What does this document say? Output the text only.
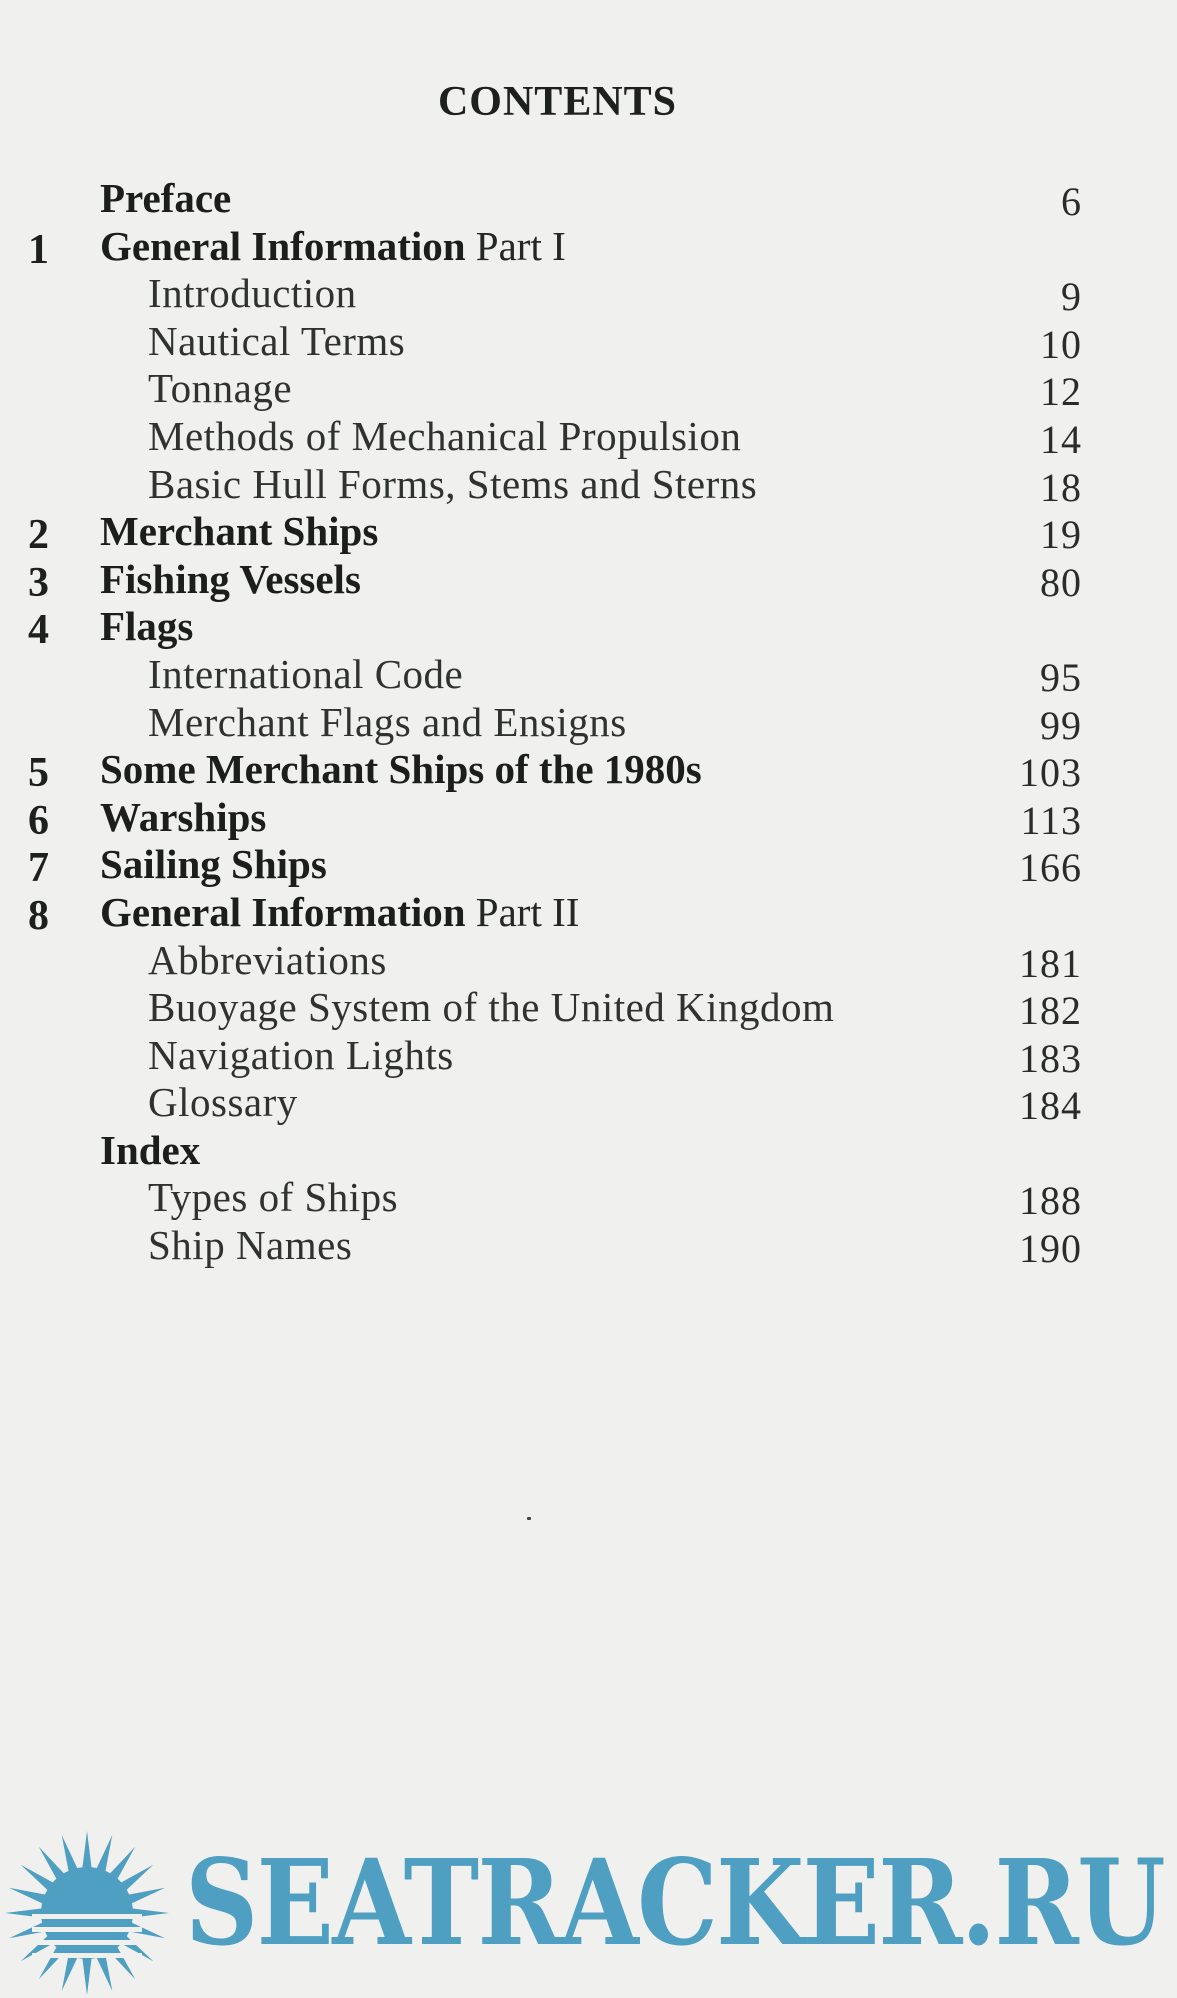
CONTENTS
Preface	6
1 General Information Part I
Introduction	9
Nautical Terms	10
Tonnage	12
Methods of Mechanical Propulsion	14
Basic Hull Forms, Stems and Sterns	18
2 Merchant Ships	19
3 Fishing Vessels	80
4 Flags
International Code	95
Merchant Flags and Ensigns	99
5 Some Merchant Ships of the 1980s	103
6 Warships	113
7 Sailing Ships	166
8 General Information Part II
Abbreviations	181
Buoyage System of the United Kingdom	182
Navigation Lights	183
Glossary	184
Index
Types of Ships	188
Ship Names	190
SEATRACKER.RU
